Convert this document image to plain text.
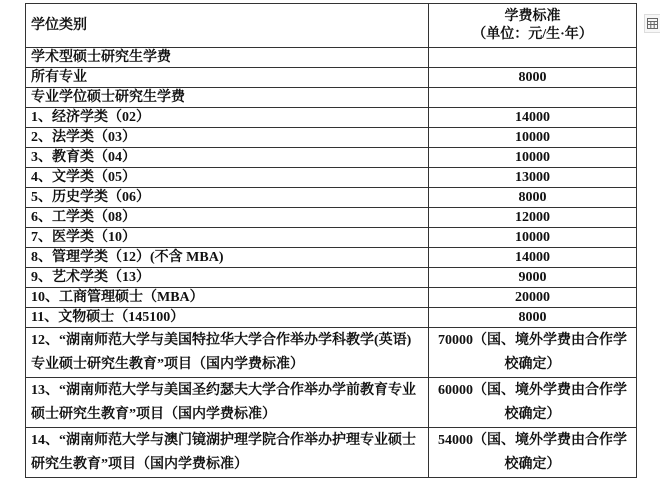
学位类别	学费标准
（单位：元/生·年）

学术型硕士研究生学费	
所有专业	8000
专业学位硕士研究生学费	
1、经济学类（02）	14000
2、法学类（03）	10000
3、教育类（04）	10000
4、文学类（05）	13000
5、历史学类（06）	8000
6、工学类（08）	12000
7、医学类（10）	10000
8、管理学类（12）(不含 MBA)	14000
9、艺术学类（13）	9000
10、工商管理硕士（MBA）	20000
11、文物硕士（145100）	8000
12、“湖南师范大学与美国特拉华大学合作举办学科教学(英语)专业硕士研究生教育”项目（国内学费标准）	70000（国、境外学费由合作学校确定）
13、“湖南师范大学与美国圣约瑟夫大学合作举办学前教育专业硕士研究生教育”项目（国内学费标准）	60000（国、境外学费由合作学校确定）
14、“湖南师范大学与澳门镜湖护理学院合作举办护理专业硕士研究生教育”项目（国内学费标准）	54000（国、境外学费由合作学校确定）
